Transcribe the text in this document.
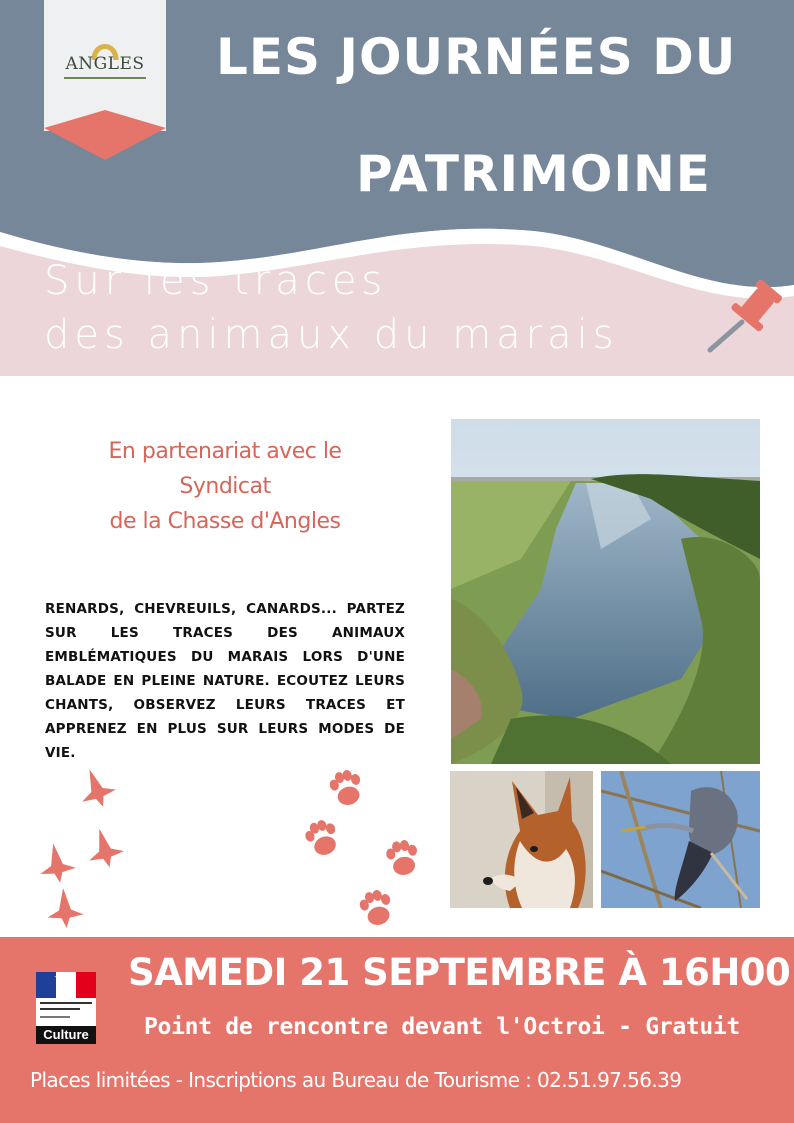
ANGLES	LES JOURNÉES DU
PATRIMOINE
Sur les traces
des animaux du marais
En partenariat avec le
Syndicat
de la Chasse d'Angles
RENARDS, CHEVREUILS, CANARDS... PARTEZ SUR LES TRACES DES ANIMAUX EMBLÉMATIQUES DU MARAIS LORS D'UNE BALADE EN PLEINE NATURE. ECOUTEZ LEURS CHANTS, OBSERVEZ LEURS TRACES ET APPRENEZ EN PLUS SUR LEURS MODES DE VIE.
Culture
SAMEDI 21 SEPTEMBRE À 16H00
Point de rencontre devant l'Octroi - Gratuit
Places limitées - Inscriptions au Bureau de Tourisme : 02.51.97.56.39
